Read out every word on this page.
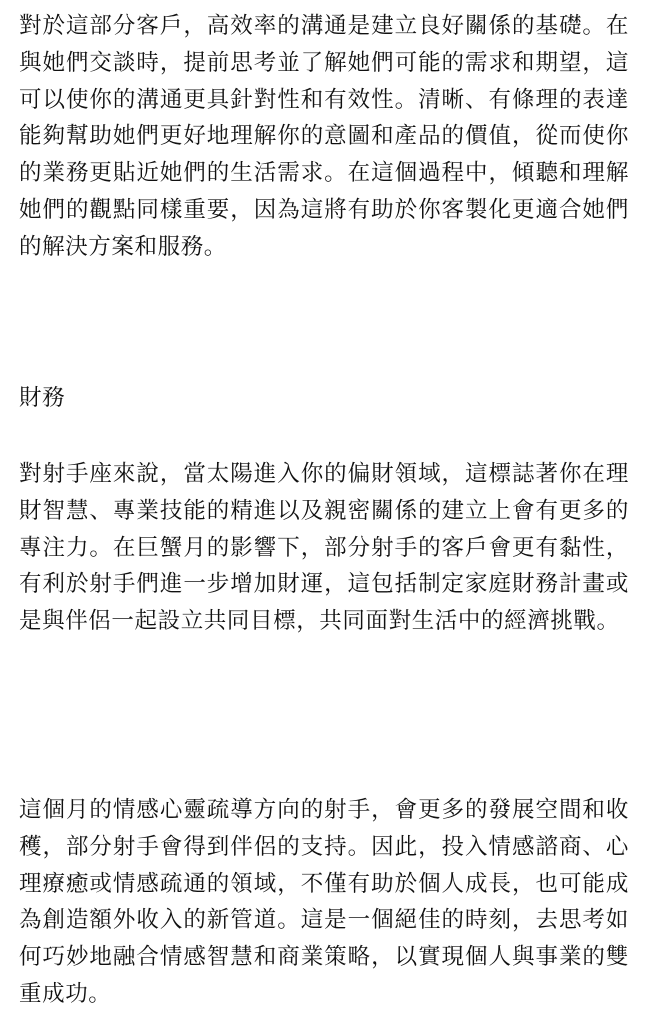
對於這部分客戶，高效率的溝通是建立良好關係的基礎。在與她們交談時，提前思考並了解她們可能的需求和期望，這可以使你的溝通更具針對性和有效性。清晰、有條理的表達能夠幫助她們更好地理解你的意圖和產品的價值，從而使你的業務更貼近她們的生活需求。在這個過程中，傾聽和理解她們的觀點同樣重要，因為這將有助於你客製化更適合她們的解決方案和服務。

財務

對射手座來說，當太陽進入你的偏財領域，這標誌著你在理財智慧、專業技能的精進以及親密關係的建立上會有更多的專注力。在巨蟹月的影響下，部分射手的客戶會更有黏性，有利於射手們進一步增加財運，這包括制定家庭財務計畫或是與伴侶一起設立共同目標，共同面對生活中的經濟挑戰。

這個月的情感心靈疏導方向的射手，會更多的發展空間和收穫，部分射手會得到伴侶的支持。因此，投入情感諮商、心理療癒或情感疏通的領域，不僅有助於個人成長，也可能成為創造額外收入的新管道。這是一個絕佳的時刻，去思考如何巧妙地融合情感智慧和商業策略，以實現個人與事業的雙重成功。
